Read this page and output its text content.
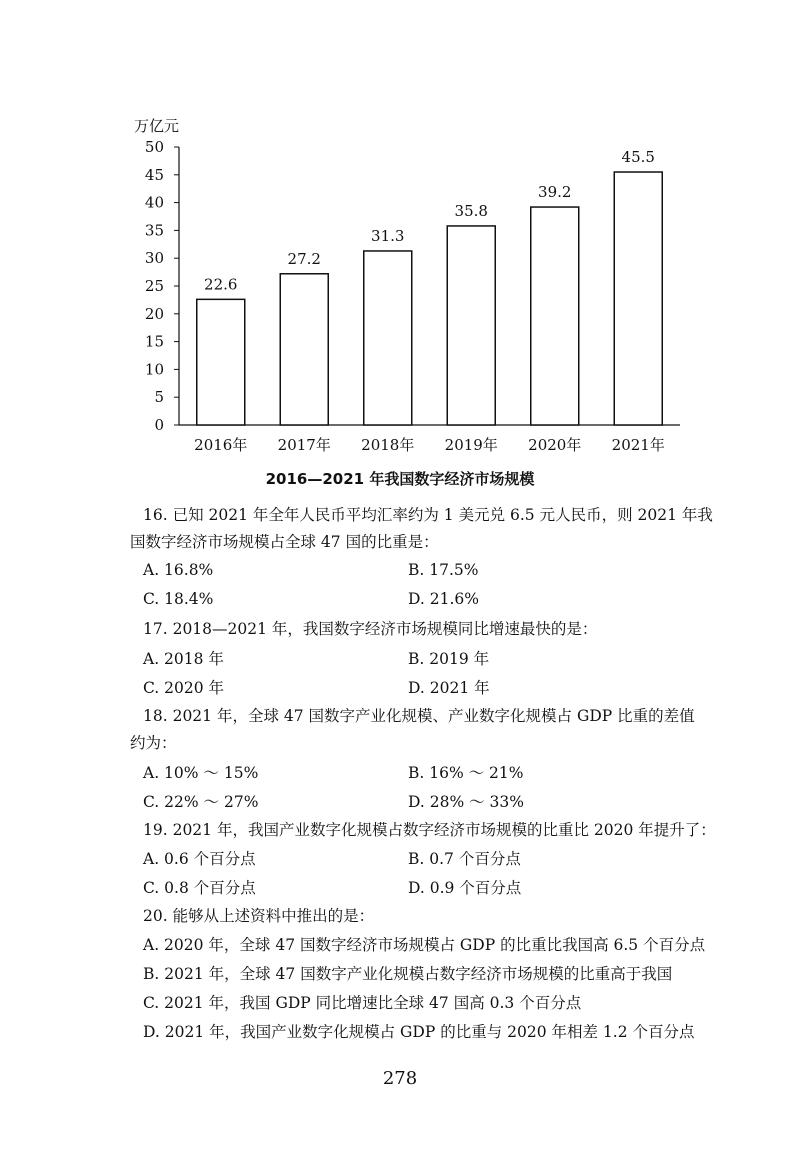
万亿元
0
5
10
15
20
25
30
35
40
45
50
22.6
2016年
27.2
2017年
31.3
2018年
35.8
2019年
39.2
2020年
45.5
2021年
2016—2021 年我国数字经济市场规模
16. 已知 2021 年全年人民币平均汇率约为 1 美元兑 6.5 元人民币，则 2021 年我
国数字经济市场规模占全球 47 国的比重是：
A. 16.8%	B. 17.5%
C. 18.4%	D. 21.6%
17. 2018—2021 年，我国数字经济市场规模同比增速最快的是：
A. 2018 年	B. 2019 年
C. 2020 年	D. 2021 年
18. 2021 年，全球 47 国数字产业化规模、产业数字化规模占 GDP 比重的差值
约为：
A. 10% ～ 15%	B. 16% ～ 21%
C. 22% ～ 27%	D. 28% ～ 33%
19. 2021 年，我国产业数字化规模占数字经济市场规模的比重比 2020 年提升了：
A. 0.6 个百分点	B. 0.7 个百分点
C. 0.8 个百分点	D. 0.9 个百分点
20. 能够从上述资料中推出的是：
A. 2020 年，全球 47 国数字经济市场规模占 GDP 的比重比我国高 6.5 个百分点
B. 2021 年，全球 47 国数字产业化规模占数字经济市场规模的比重高于我国
C. 2021 年，我国 GDP 同比增速比全球 47 国高 0.3 个百分点
D. 2021 年，我国产业数字化规模占 GDP 的比重与 2020 年相差 1.2 个百分点
278
